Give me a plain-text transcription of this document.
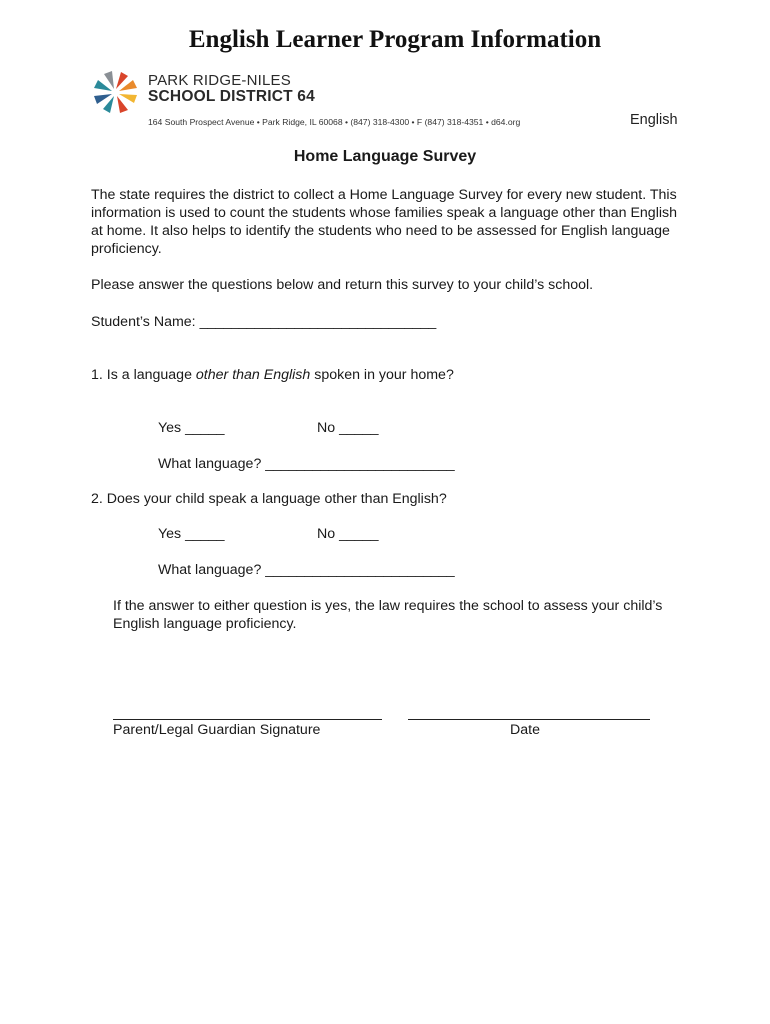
English Learner Program Information
PARK RIDGE-NILES
SCHOOL DISTRICT 64
164 South Prospect Avenue • Park Ridge, IL 60068 • (847) 318-4300 • F (847) 318-4351 • d64.org	English
Home Language Survey

The state requires the district to collect a Home Language Survey for every new student. This information is used to count the students whose families speak a language other than English at home. It also helps to identify the students who need to be assessed for English language proficiency.

Please answer the questions below and return this survey to your child’s school.

Student’s Name: ______________________________

1. Is a language other than English spoken in your home?

Yes _____	No _____

What language? ________________________

2. Does your child speak a language other than English?

Yes _____	No _____

What language? ________________________

If the answer to either question is yes, the law requires the school to assess your child’s English language proficiency.

Parent/Legal Guardian Signature	Date
